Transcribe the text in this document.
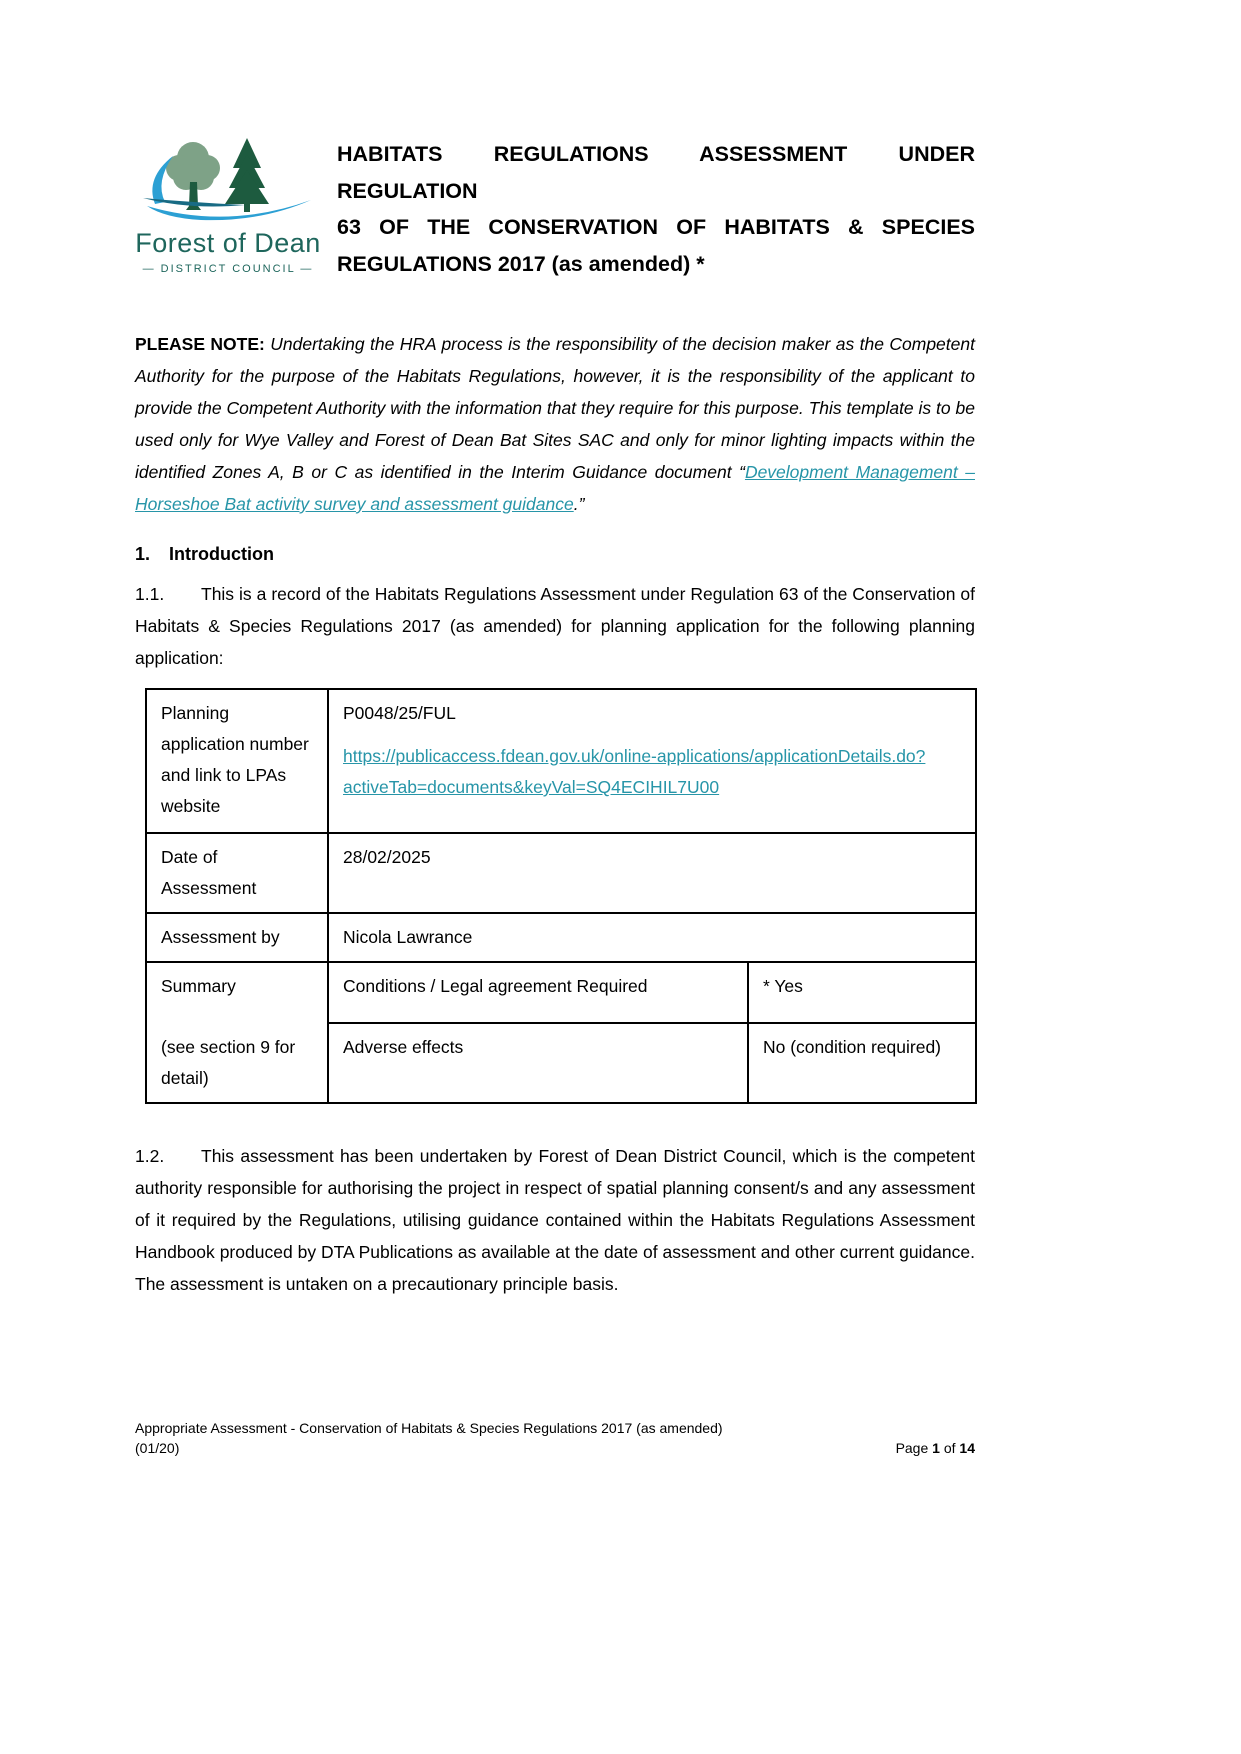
Forest of Dean
— DISTRICT COUNCIL —
HABITATS REGULATIONS ASSESSMENT UNDER REGULATION
63 OF THE CONSERVATION OF HABITATS & SPECIES
REGULATIONS 2017 (as amended) *

PLEASE NOTE: Undertaking the HRA process is the responsibility of the decision maker as the Competent Authority for the purpose of the Habitats Regulations, however, it is the responsibility of the applicant to provide the Competent Authority with the information that they require for this purpose. This template is to be used only for Wye Valley and Forest of Dean Bat Sites SAC and only for minor lighting impacts within the identified Zones A, B or C as identified in the Interim Guidance document “Development Management – Horseshoe Bat activity survey and assessment guidance.”

1. Introduction

1.1. This is a record of the Habitats Regulations Assessment under Regulation 63 of the Conservation of Habitats & Species Regulations 2017 (as amended) for planning application for the following planning application:

Planning application number and link to LPAs website	P0048/25/FUL
https://publicaccess.fdean.gov.uk/online-applications/applicationDetails.do?activeTab=documents&keyVal=SQ4ECIHIL7U00	

Date of Assessment	28/02/2025	
Assessment by	Nicola Lawrance	

Summary
(see section 9 for detail)	Conditions / Legal agreement Required	* Yes
	Adverse effects	No (condition required)

1.2. This assessment has been undertaken by Forest of Dean District Council, which is the competent authority responsible for authorising the project in respect of spatial planning consent/s and any assessment of it required by the Regulations, utilising guidance contained within the Habitats Regulations Assessment Handbook produced by DTA Publications as available at the date of assessment and other current guidance. The assessment is untaken on a precautionary principle basis.

Appropriate Assessment - Conservation of Habitats & Species Regulations 2017 (as amended)
(01/20)	Page 1 of 14
